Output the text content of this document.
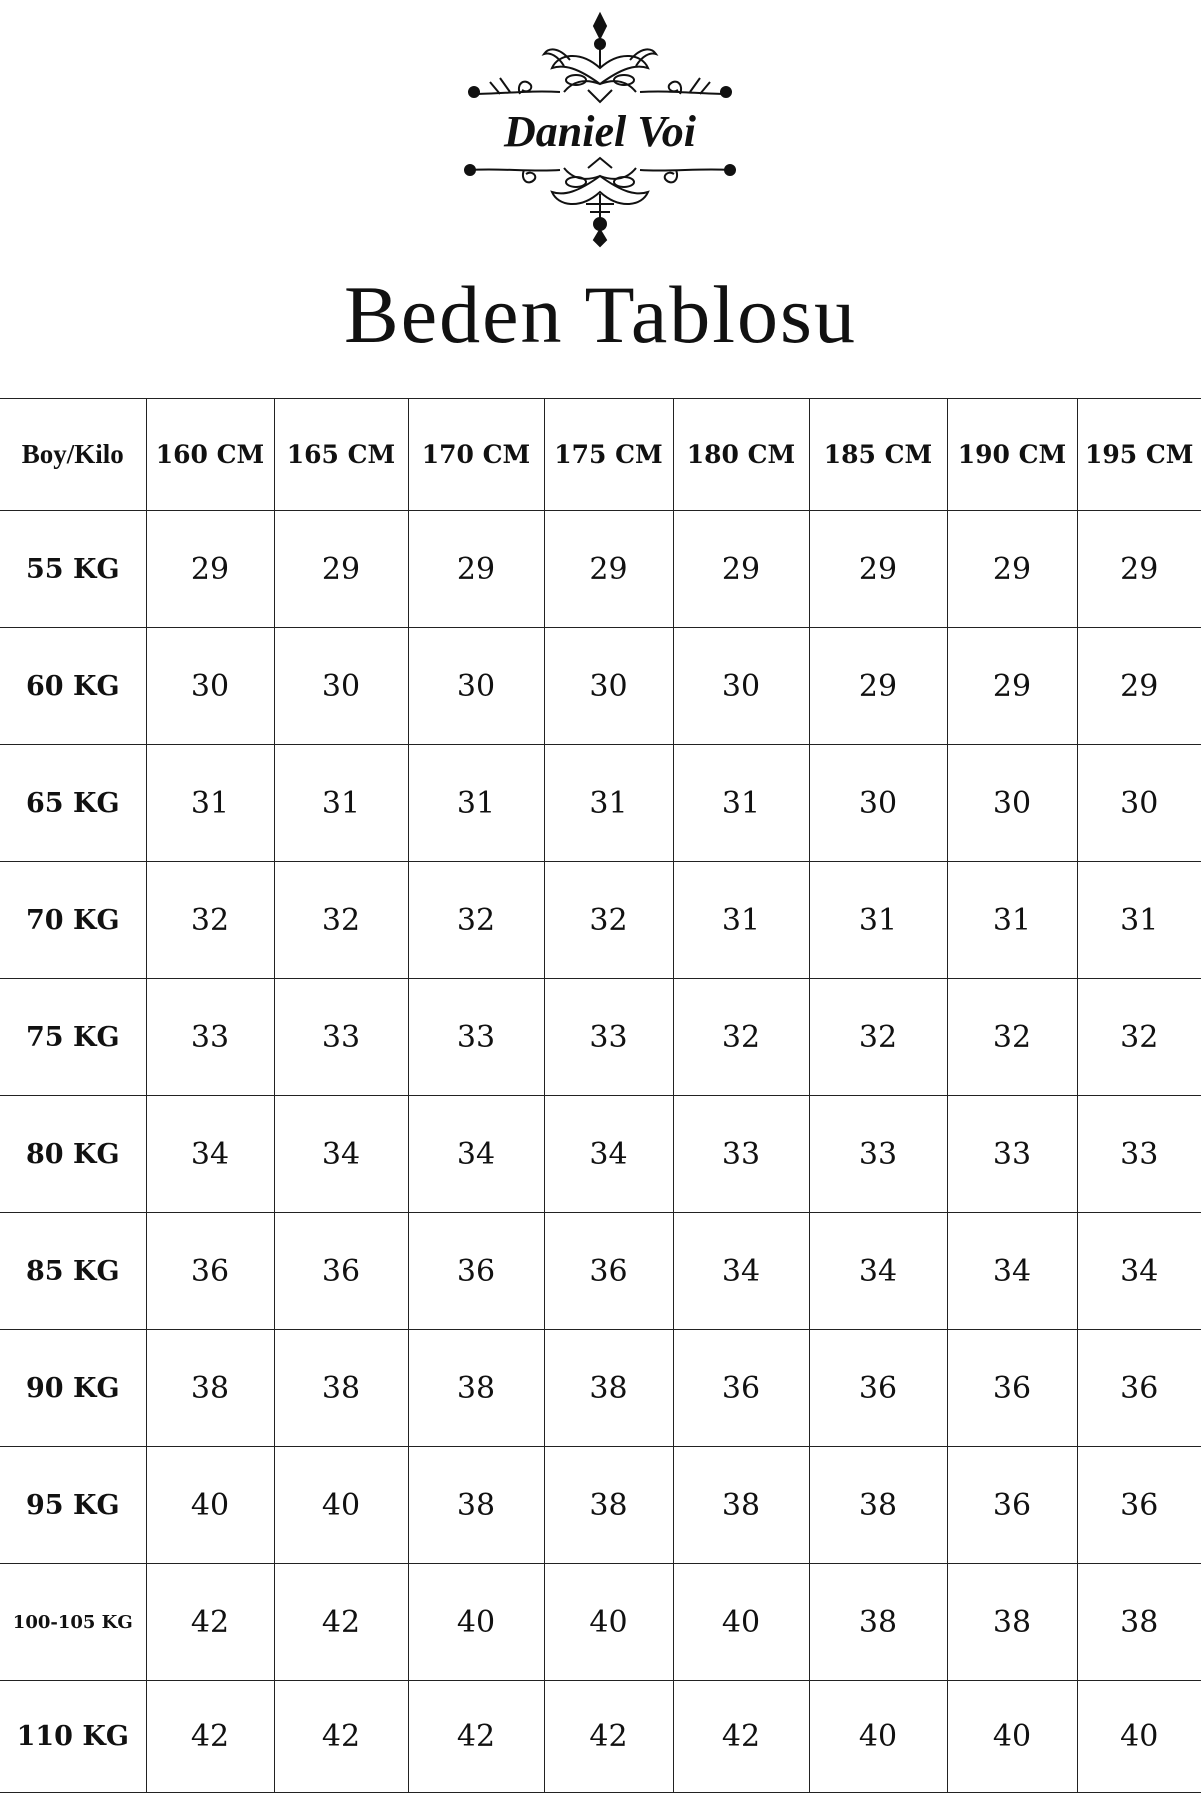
Daniel Voi
Beden Tablosu
Boy/Kilo	160 CM	165 CM	170 CM	175 CM	180 CM	185 CM	190 CM	195 CM
55 KG	29	29	29	29	29	29	29	29
60 KG	30	30	30	30	30	29	29	29
65 KG	31	31	31	31	31	30	30	30
70 KG	32	32	32	32	31	31	31	31
75 KG	33	33	33	33	32	32	32	32
80 KG	34	34	34	34	33	33	33	33
85 KG	36	36	36	36	34	34	34	34
90 KG	38	38	38	38	36	36	36	36
95 KG	40	40	38	38	38	38	36	36
100-105 KG	42	42	40	40	40	38	38	38
110 KG	42	42	42	42	42	40	40	40
